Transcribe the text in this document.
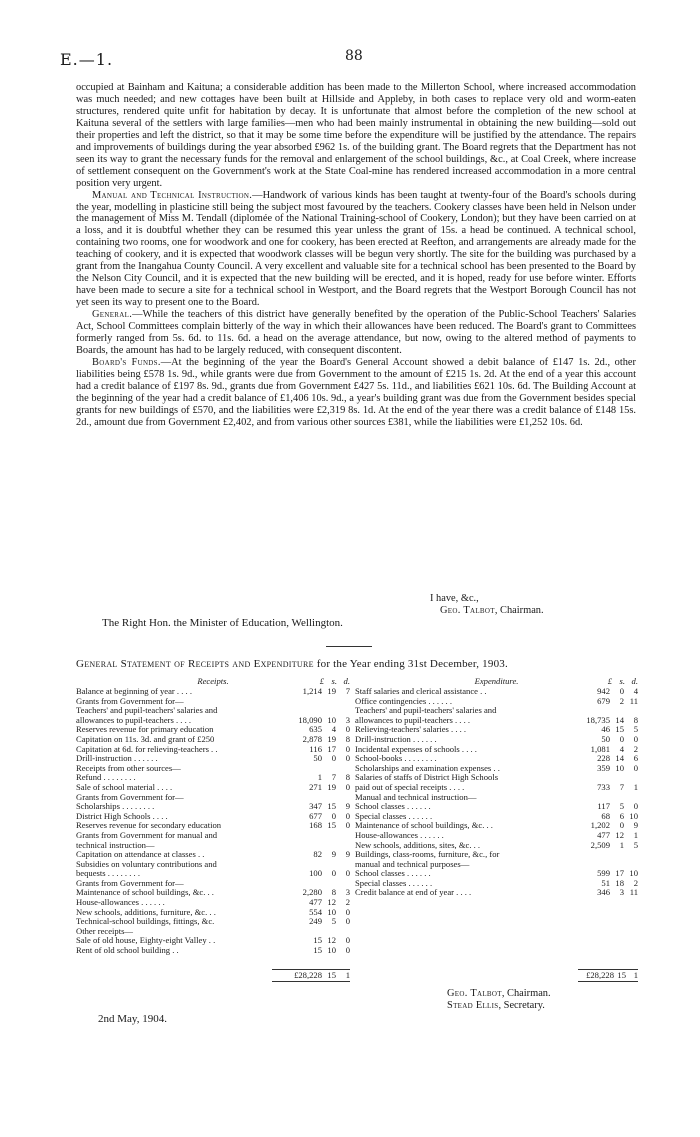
E.—1.	88

occupied at Bainham and Kaituna; a considerable addition has been made to the Millerton School, where increased accommodation was much needed; and new cottages have been built at Hillside and Appleby, in both cases to replace very old and worm-eaten structures, rendered quite unfit for habitation by decay. It is unfortunate that almost before the completion of the new school at Kaituna several of the settlers with large families—men who had been mainly instrumental in obtaining the new building—sold out their properties and left the district, so that it may be some time before the expenditure will be justified by the attendance. The repairs and improvements of buildings during the year absorbed £962 1s. of the building grant. The Board regrets that the Department has not seen its way to grant the necessary funds for the removal and enlargement of the school buildings, &c., at Coal Creek, where increase of settlement consequent on the Government's work at the State Coal-mine has rendered increased accommodation in a more central position very urgent.

Manual and Technical Instruction.—Handwork of various kinds has been taught at twenty-four of the Board's schools during the year, modelling in plasticine still being the subject most favoured by the teachers. Cookery classes have been held in Nelson under the management of Miss M. Tendall (diplomée of the National Training-school of Cookery, London); but they have been carried on at a loss, and it is doubtful whether they can be resumed this year unless the grant of 15s. a head be continued. A technical school, containing two rooms, one for woodwork and one for cookery, has been erected at Reefton, and arrangements are already made for the teaching of cookery, and it is expected that woodwork classes will be begun very shortly. The site for the building was purchased by a grant from the Inangahua County Council. A very excellent and valuable site for a technical school has been presented to the Board by the Nelson City Council, and it is expected that the new building will be erected, and it is hoped, ready for use before winter. Efforts have been made to secure a site for a technical school in Westport, and the Board regrets that the Westport Borough Council has not yet seen its way to present one to the Board.

General.—While the teachers of this district have generally benefited by the operation of the Public-School Teachers' Salaries Act, School Committees complain bitterly of the way in which their allowances have been reduced. The Board's grant to Committees formerly ranged from 5s. 6d. to 11s. 6d. a head on the average attendance, but now, owing to the altered method of payments to Boards, the amount has had to be largely reduced, with consequent discontent.

Board's Funds.—At the beginning of the year the Board's General Account showed a debit balance of £147 1s. 2d., other liabilities being £578 1s. 9d., while grants were due from Government to the amount of £215 1s. 2d. At the end of a year this account had a credit balance of £197 8s. 9d., grants due from Government £427 5s. 11d., and liabilities £621 10s. 6d. The Building Account at the beginning of the year had a credit balance of £1,406 10s. 9d., a year's building grant was due from the Government besides special grants for new buildings of £570, and the liabilities were £2,319 8s. 1d. At the end of the year there was a credit balance of £148 15s. 2d., amount due from Government £2,402, and from various other sources £381, while the liabilities were £1,252 10s. 6d.

I have, &c.,
Geo. Talbot, Chairman.
The Right Hon. the Minister of Education, Wellington.
General Statement of Receipts and Expenditure for the Year ending 31st December, 1903.
Receipts.	£ s. d.
Balance at beginning of year . . . .	1,214 19	7
Grants from Government for—
Teachers' and pupil-teachers' salaries and
allowances to pupil-teachers . . . .	18,090 10	3
Reserves revenue for primary education	635	4	0
Capitation on 11s. 3d. and grant of £250	2,878 19	8
Capitation at 6d. for relieving-teachers . .	116 17	0
Drill-instruction . . . . . .	50	0	0
Receipts from other sources—
Refund . . . . . . . .	1	7	8
Sale of school material . . . .	271 19	0
Grants from Government for—
Scholarships . . . . . . . .	347 15	9
District High Schools . . . .	677	0	0
Reserves revenue for secondary education	168 15	0
Grants from Government for manual and
technical instruction—
Capitation on attendance at classes . .	82	9	9
Subsidies on voluntary contributions and
bequests . . . . . . . .	100	0	0
Grants from Government for—
Maintenance of school buildings, &c. . .	2,280	8	3
House-allowances . . . . . .	477 12	2
New schools, additions, furniture, &c. . .	554 10	0
Technical-school buildings, fittings, &c.	249	5	0
Other receipts—
Sale of old house, Eighty-eight Valley . .	15 12	0
Rent of old school building . .	15 10	0
Expenditure.	£ s. d.
Staff salaries and clerical assistance . .	942	0	4
Office contingencies . . . . . .	679	2 11
Teachers' and pupil-teachers' salaries and
allowances to pupil-teachers . . . .	18,735 14	8
Relieving-teachers' salaries . . . .	46 15	5
Drill-instruction . . . . . .	50	0	0
Incidental expenses of schools . . . .	1,081	4	2
School-books . . . . . . . .	228 14	6
Scholarships and examination expenses . .	359 10	0
Salaries of staffs of District High Schools
paid out of special receipts . . . .	733	7	1
Manual and technical instruction—
School classes . . . . . .	117	5	0
Special classes . . . . . .	68	6 10
Maintenance of school buildings, &c. . .	1,202	0	9
House-allowances . . . . . .	477 12	1
New schools, additions, sites, &c. . .	2,509	1	5
Buildings, class-rooms, furniture, &c., for
manual and technical purposes—
School classes . . . . . .	599 17 10
Special classes . . . . . .	51 18	2
Credit balance at end of year . . . .	346	3 11
£28,228 15	1	£28,228 15 1
Geo. Talbot, Chairman.
Stead Ellis, Secretary.
2nd May, 1904.
